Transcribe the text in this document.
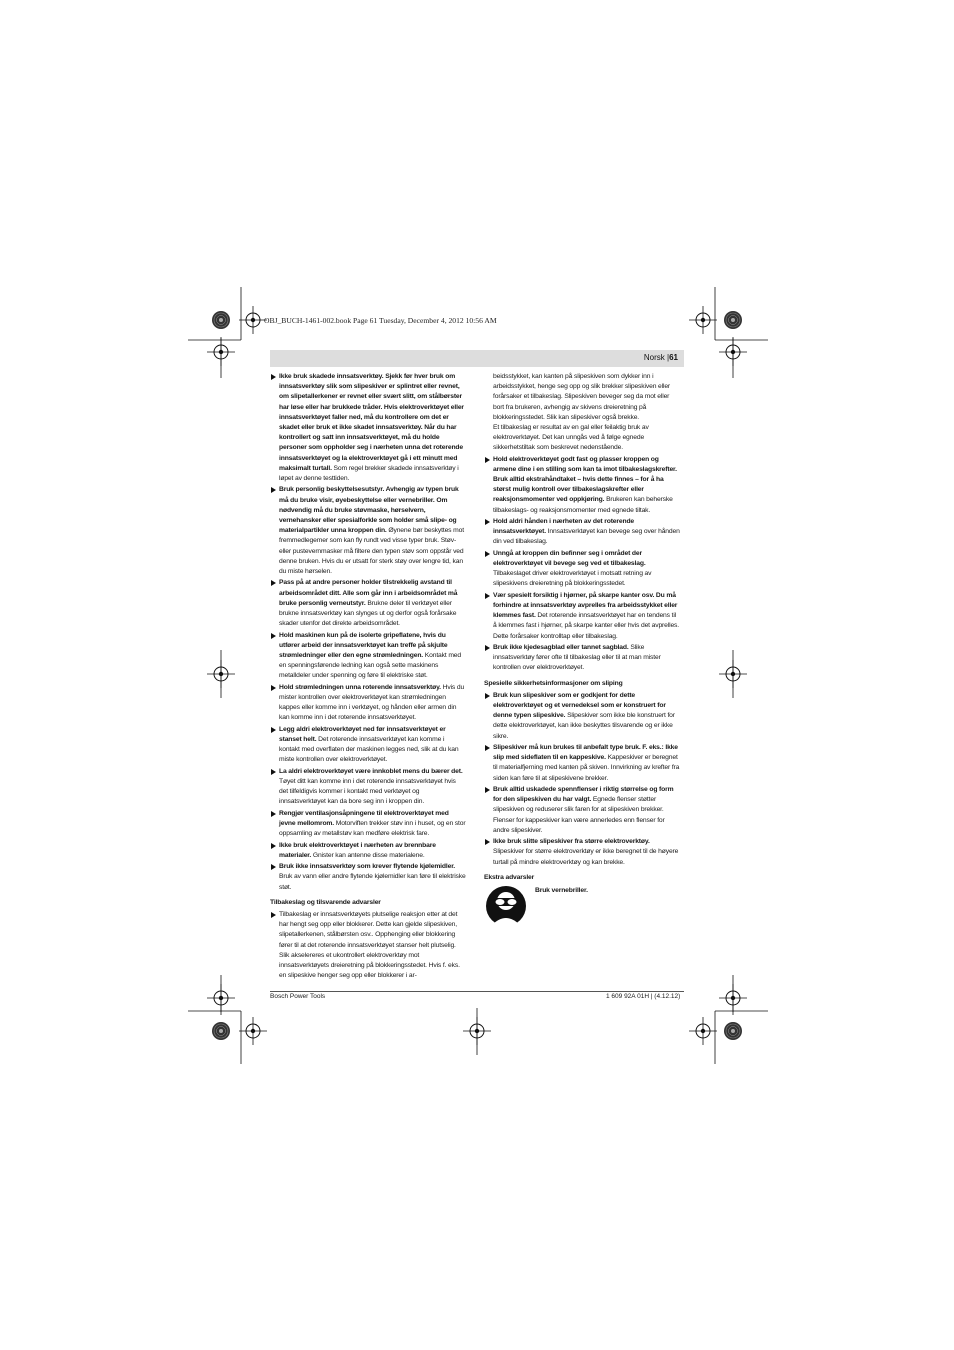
OBJ_BUCH-1461-002.book Page 61 Tuesday, December 4, 2012 10:56 AM
Norsk |61

Ikke bruk skadede innsatsverktøy. Sjekk før hver bruk om innsatsverktøy slik som slipeskiver er splintret eller revnet, om slipetallerkener er revnet eller svært slitt, om stålbørster har løse eller har brukkede tråder. Hvis elektroverktøyet eller innsatsverktøyet faller ned, må du kontrollere om det er skadet eller bruk et ikke skadet innsatsverktøy. Når du har kontrollert og satt inn innsatsverktøyet, må du holde personer som oppholder seg i nærheten unna det roterende innsatsverktøyet og la elektroverktøyet gå i ett minutt med maksimalt turtall. Som regel brekker skadede innsatsverktøy i løpet av denne testtiden.

Bruk personlig beskyttelsesutstyr. Avhengig av typen bruk må du bruke visir, øyebeskyttelse eller vernebriller. Om nødvendig må du bruke støvmaske, hørselvern, vernehansker eller spesialforkle som holder små slipe- og materialpartikler unna kroppen din. Øynene bør beskyttes mot fremmedlegemer som kan fly rundt ved visse typer bruk. Støv- eller pustevernmasker må filtere den typen støv som oppstår ved denne bruken. Hvis du er utsatt for sterk støy over lengre tid, kan du miste hørselen.

Pass på at andre personer holder tilstrekkelig avstand til arbeidsområdet ditt. Alle som går inn i arbeidsområdet må bruke personlig verneutstyr. Brukne deler til verktøyet eller brukne innsatsverktøy kan slynges ut og derfor også forårsake skader utenfor det direkte arbeidsområdet.

Hold maskinen kun på de isolerte gripeflatene, hvis du utfører arbeid der innsatsverktøyet kan treffe på skjulte strømledninger eller den egne strømledningen. Kontakt med en spenningsførende ledning kan også sette maskinens metalldeler under spenning og føre til elektriske støt.

Hold strømledningen unna roterende innsatsverktøy. Hvis du mister kontrollen over elektroverktøyet kan strømledningen kappes eller komme inn i verktøyet, og hånden eller armen din kan komme inn i det roterende innsatsverktøyet.

Legg aldri elektroverktøyet ned før innsatsverktøyet er stanset helt. Det roterende innsatsverktøyet kan komme i kontakt med overflaten der maskinen legges ned, slik at du kan miste kontrollen over elektroverktøyet.

La aldri elektroverktøyet være innkoblet mens du bærer det. Tøyet ditt kan komme inn i det roterende innsatsverktøyet hvis det tilfeldigvis kommer i kontakt med verktøyet og innsatsverktøyet kan da bore seg inn i kroppen din.

Rengjør ventilasjonsåpningene til elektroverktøyet med jevne mellomrom. Motorviften trekker støv inn i huset, og en stor oppsamling av metallstøv kan medføre elektrisk fare.

Ikke bruk elektroverktøyet i nærheten av brennbare materialer. Gnister kan antenne disse materialene.

Bruk ikke innsatsverktøy som krever flytende kjølemidler. Bruk av vann eller andre flytende kjølemidler kan føre til elektriske støt.

Tilbakeslag og tilsvarende advarsler

Tilbakeslag er innsatsverktøyets plutselige reaksjon etter at det har hengt seg opp eller blokkerer. Dette kan gjelde slipeskiven, slipetallerkenen, stålbørsten osv.. Opphenging eller blokkering fører til at det roterende innsatsverktøyet stanser helt plutselig. Slik akselereres et ukontrollert elektroverktøy mot innsatsverktøyets dreieretning på blokkeringsstedet. Hvis f. eks. en slipeskive henger seg opp eller blokkerer i ar-

beidsstykket, kan kanten på slipeskiven som dykker inn i arbeidsstykket, henge seg opp og slik brekker slipeskiven eller forårsaker et tilbakeslag. Slipeskiven beveger seg da mot eller bort fra brukeren, avhengig av skivens dreieretning på blokkeringsstedet. Slik kan slipeskiver også brekke.

Et tilbakeslag er resultat av en gal eller feilaktig bruk av elektroverktøyet. Det kan unngås ved å følge egnede sikkerhetstiltak som beskrevet nedenstående.

Hold elektroverktøyet godt fast og plasser kroppen og armene dine i en stilling som kan ta imot tilbakeslagskrefter. Bruk alltid ekstrahåndtaket – hvis dette finnes – for å ha størst mulig kontroll over tilbakeslagskrefter eller reaksjonsmomenter ved oppkjøring. Brukeren kan beherske tilbakeslags- og reaksjonsmomenter med egnede tiltak.

Hold aldri hånden i nærheten av det roterende innsatsverktøyet. Innsatsverktøyet kan bevege seg over hånden din ved tilbakeslag.

Unngå at kroppen din befinner seg i området der elektroverktøyet vil bevege seg ved et tilbakeslag. Tilbakeslaget driver elektroverktøyet i motsatt retning av slipeskivens dreieretning på blokkeringsstedet.

Vær spesielt forsiktig i hjørner, på skarpe kanter osv. Du må forhindre at innsatsverktøy avprelles fra arbeidsstykket eller klemmes fast. Det roterende innsatsverktøyet har en tendens til å klemmes fast i hjørner, på skarpe kanter eller hvis det avprelles. Dette forårsaker kontrolltap eller tilbakeslag.

Bruk ikke kjedesagblad eller tannet sagblad. Slike innsatsverktøy fører ofte til tilbakeslag eller til at man mister kontrollen over elektroverktøyet.

Spesielle sikkerhetsinformasjoner om sliping

Bruk kun slipeskiver som er godkjent for dette elektroverktøyet og et vernedeksel som er konstruert for denne typen slipeskive. Slipeskiver som ikke ble konstruert for dette elektroverktøyet, kan ikke beskyttes tilsvarende og er ikke sikre.

Slipeskiver må kun brukes til anbefalt type bruk. F. eks.: Ikke slip med sideflaten til en kappeskive. Kappeskiver er beregnet til materialfjerning med kanten på skiven. Innvirkning av krefter fra siden kan føre til at slipeskivene brekker.

Bruk alltid uskadede spennflenser i riktig størrelse og form for den slipeskiven du har valgt. Egnede flenser støtter slipeskiven og reduserer slik faren for at slipeskiven brekker. Flenser for kappeskiver kan være annerledes enn flenser for andre slipeskiver.

Ikke bruk slitte slipeskiver fra større elektroverktøy. Slipeskiver for større elektroverktøy er ikke beregnet til de høyere turtall på mindre elektroverktøy og kan brekke.

Ekstra advarsler

Bruk vernebriller.
Bosch Power Tools	1 609 92A 01H | (4.12.12)
